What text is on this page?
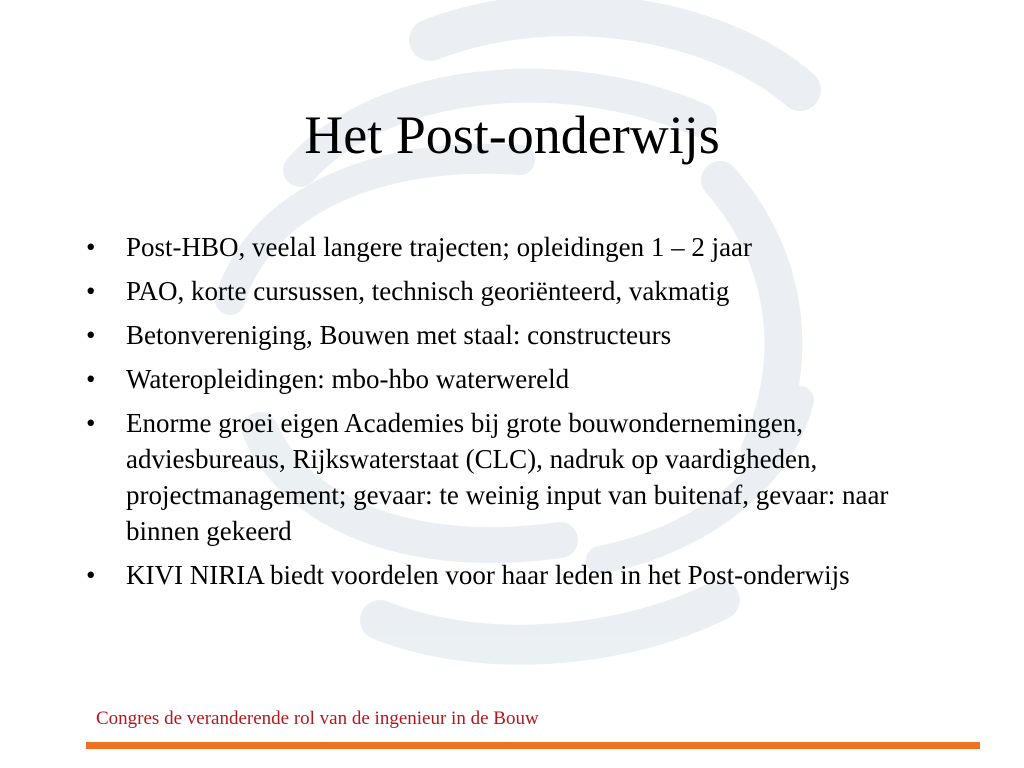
Het Post-onderwijs
• Post-HBO, veelal langere trajecten; opleidingen 1 – 2 jaar
• PAO, korte cursussen, technisch georiënteerd, vakmatig
• Betonvereniging, Bouwen met staal: constructeurs
• Wateropleidingen: mbo-hbo waterwereld
• Enorme groei eigen Academies bij grote bouwondernemingen, adviesbureaus, Rijkswaterstaat (CLC), nadruk op vaardigheden, projectmanagement; gevaar: te weinig input van buitenaf, gevaar: naar binnen gekeerd
• KIVI NIRIA biedt voordelen voor haar leden in het Post-onderwijs
Congres de veranderende rol van de ingenieur in de Bouw
